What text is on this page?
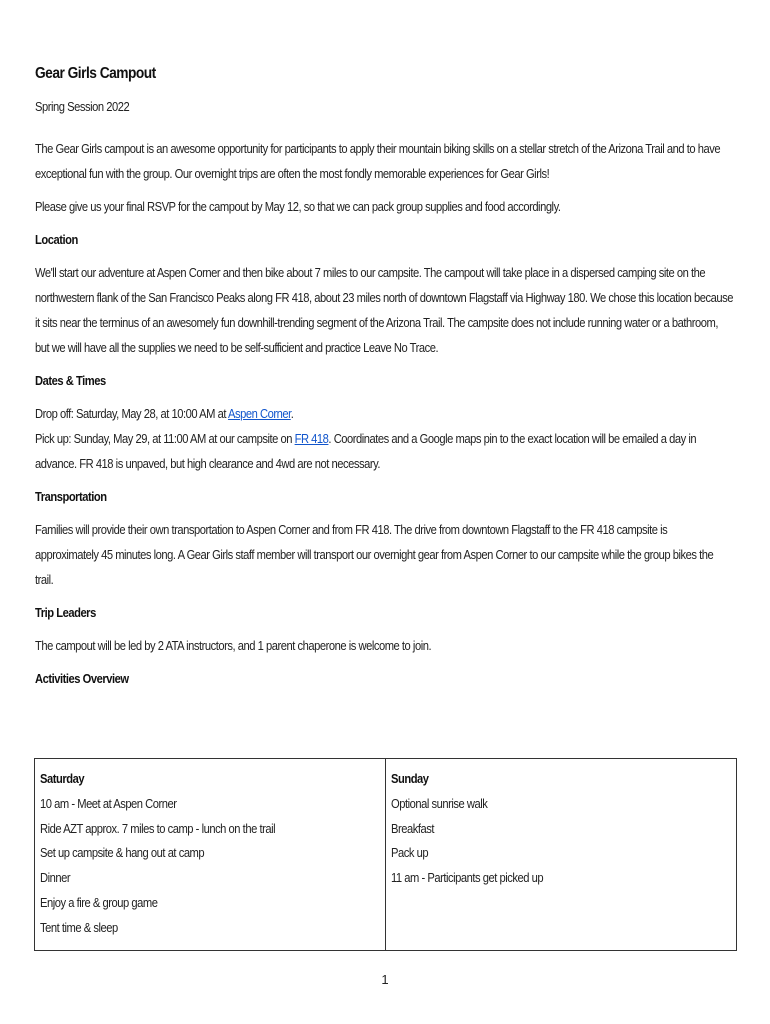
Gear Girls Campout
Spring Session 2022
The Gear Girls campout is an awesome opportunity for participants to apply their mountain biking skills on a stellar stretch of the Arizona Trail and to have exceptional fun with the group. Our overnight trips are often the most fondly memorable experiences for Gear Girls!
Please give us your final RSVP for the campout by May 12, so that we can pack group supplies and food accordingly.
Location
We'll start our adventure at Aspen Corner and then bike about 7 miles to our campsite. The campout will take place in a dispersed camping site on the northwestern flank of the San Francisco Peaks along FR 418, about 23 miles north of downtown Flagstaff via Highway 180. We chose this location because it sits near the terminus of an awesomely fun downhill-trending segment of the Arizona Trail. The campsite does not include running water or a bathroom, but we will have all the supplies we need to be self-sufficient and practice Leave No Trace.
Dates & Times
Drop off: Saturday, May 28, at 10:00 AM at Aspen Corner.
Pick up: Sunday, May 29, at 11:00 AM at our campsite on FR 418. Coordinates and a Google maps pin to the exact location will be emailed a day in advance. FR 418 is unpaved, but high clearance and 4wd are not necessary.
Transportation
Families will provide their own transportation to Aspen Corner and from FR 418. The drive from downtown Flagstaff to the FR 418 campsite is approximately 45 minutes long. A Gear Girls staff member will transport our overnight gear from Aspen Corner to our campsite while the group bikes the trail.
Trip Leaders
The campout will be led by 2 ATA instructors, and 1 parent chaperone is welcome to join.
Activities Overview
Saturday
10 am - Meet at Aspen Corner
Ride AZT approx. 7 miles to camp - lunch on the trail
Set up campsite & hang out at camp
Dinner
Enjoy a fire & group game
Tent time & sleep

Sunday
Optional sunrise walk
Breakfast
Pack up
11 am - Participants get picked up
1
